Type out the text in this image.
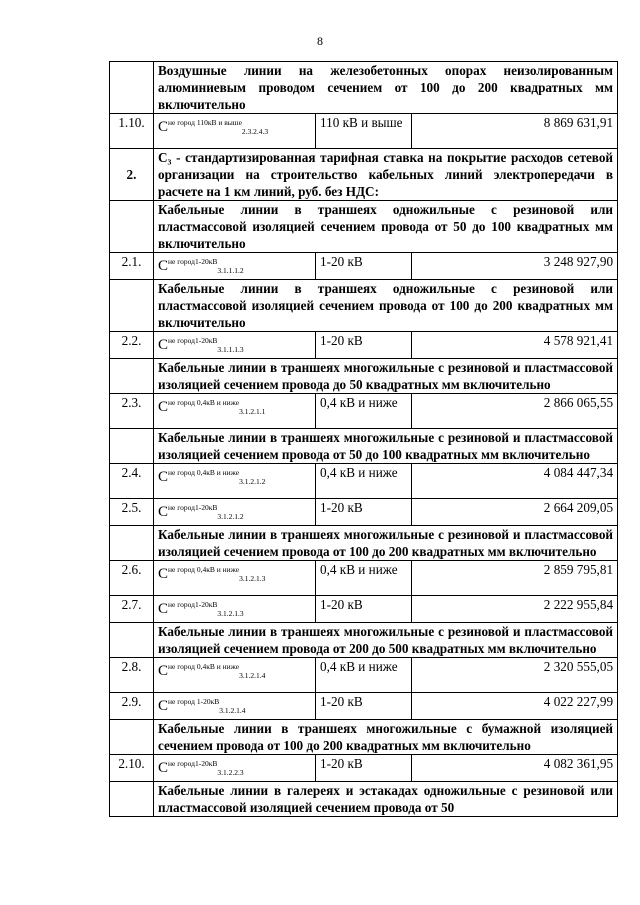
8
	Воздушные линии на железобетонных опорах неизолированным алюминиевым проводом сечением от 100 до 200 квадратных мм включительно		
1.10.	$C^{не город 110кВ и выше}_{2.3.2.4.3}$	110 кВ и выше	8 869 631,91
2.	C₃ - стандартизированная тарифная ставка на покрытие расходов сетевой организации на строительство кабельных линий электропередачи в расчете на 1 км линий, руб. без НДС:		
	Кабельные линии в траншеях одножильные с резиновой или пластмассовой изоляцией сечением провода от 50 до 100 квадратных мм включительно		
2.1.	$C^{не город1-20кВ}_{3.1.1.1.2}$	1-20 кВ	3 248 927,90
	Кабельные линии в траншеях одножильные с резиновой или пластмассовой изоляцией сечением провода от 100 до 200 квадратных мм включительно		
2.2.	$C^{не город1-20кВ}_{3.1.1.1.3}$	1-20 кВ	4 578 921,41
	Кабельные линии в траншеях многожильные с резиновой и пластмассовой изоляцией сечением провода до 50 квадратных мм включительно		
2.3.	$C^{не город 0,4кВ и ниже}_{3.1.2.1.1}$	0,4 кВ и ниже	2 866 065,55
	Кабельные линии в траншеях многожильные с резиновой и пластмассовой изоляцией сечением провода от 50 до 100 квадратных мм включительно		
2.4.	$C^{не город 0,4кВ и ниже}_{3.1.2.1.2}$	0,4 кВ и ниже	4 084 447,34
2.5.	$C^{не город1-20кВ}_{3.1.2.1.2}$	1-20 кВ	2 664 209,05
	Кабельные линии в траншеях многожильные с резиновой и пластмассовой изоляцией сечением провода от 100 до 200 квадратных мм включительно		
2.6.	$C^{не город 0,4кВ и ниже}_{3.1.2.1.3}$	0,4 кВ и ниже	2 859 795,81
2.7.	$C^{не город1-20кВ}_{3.1.2.1.3}$	1-20 кВ	2 222 955,84
	Кабельные линии в траншеях многожильные с резиновой и пластмассовой изоляцией сечением провода от 200 до 500 квадратных мм включительно		
2.8.	$C^{не город 0,4кВ и ниже}_{3.1.2.1.4}$	0,4 кВ и ниже	2 320 555,05
2.9.	$C^{не город 1-20кВ}_{3.1.2.1.4}$	1-20 кВ	4 022 227,99
	Кабельные линии в траншеях многожильные с бумажной изоляцией сечением провода от 100 до 200 квадратных мм включительно		
2.10.	$C^{не город1-20кВ}_{3.1.2.2.3}$	1-20 кВ	4 082 361,95
	Кабельные линии в галереях и эстакадах одножильные с резиновой или пластмассовой изоляцией сечением провода от 50		
